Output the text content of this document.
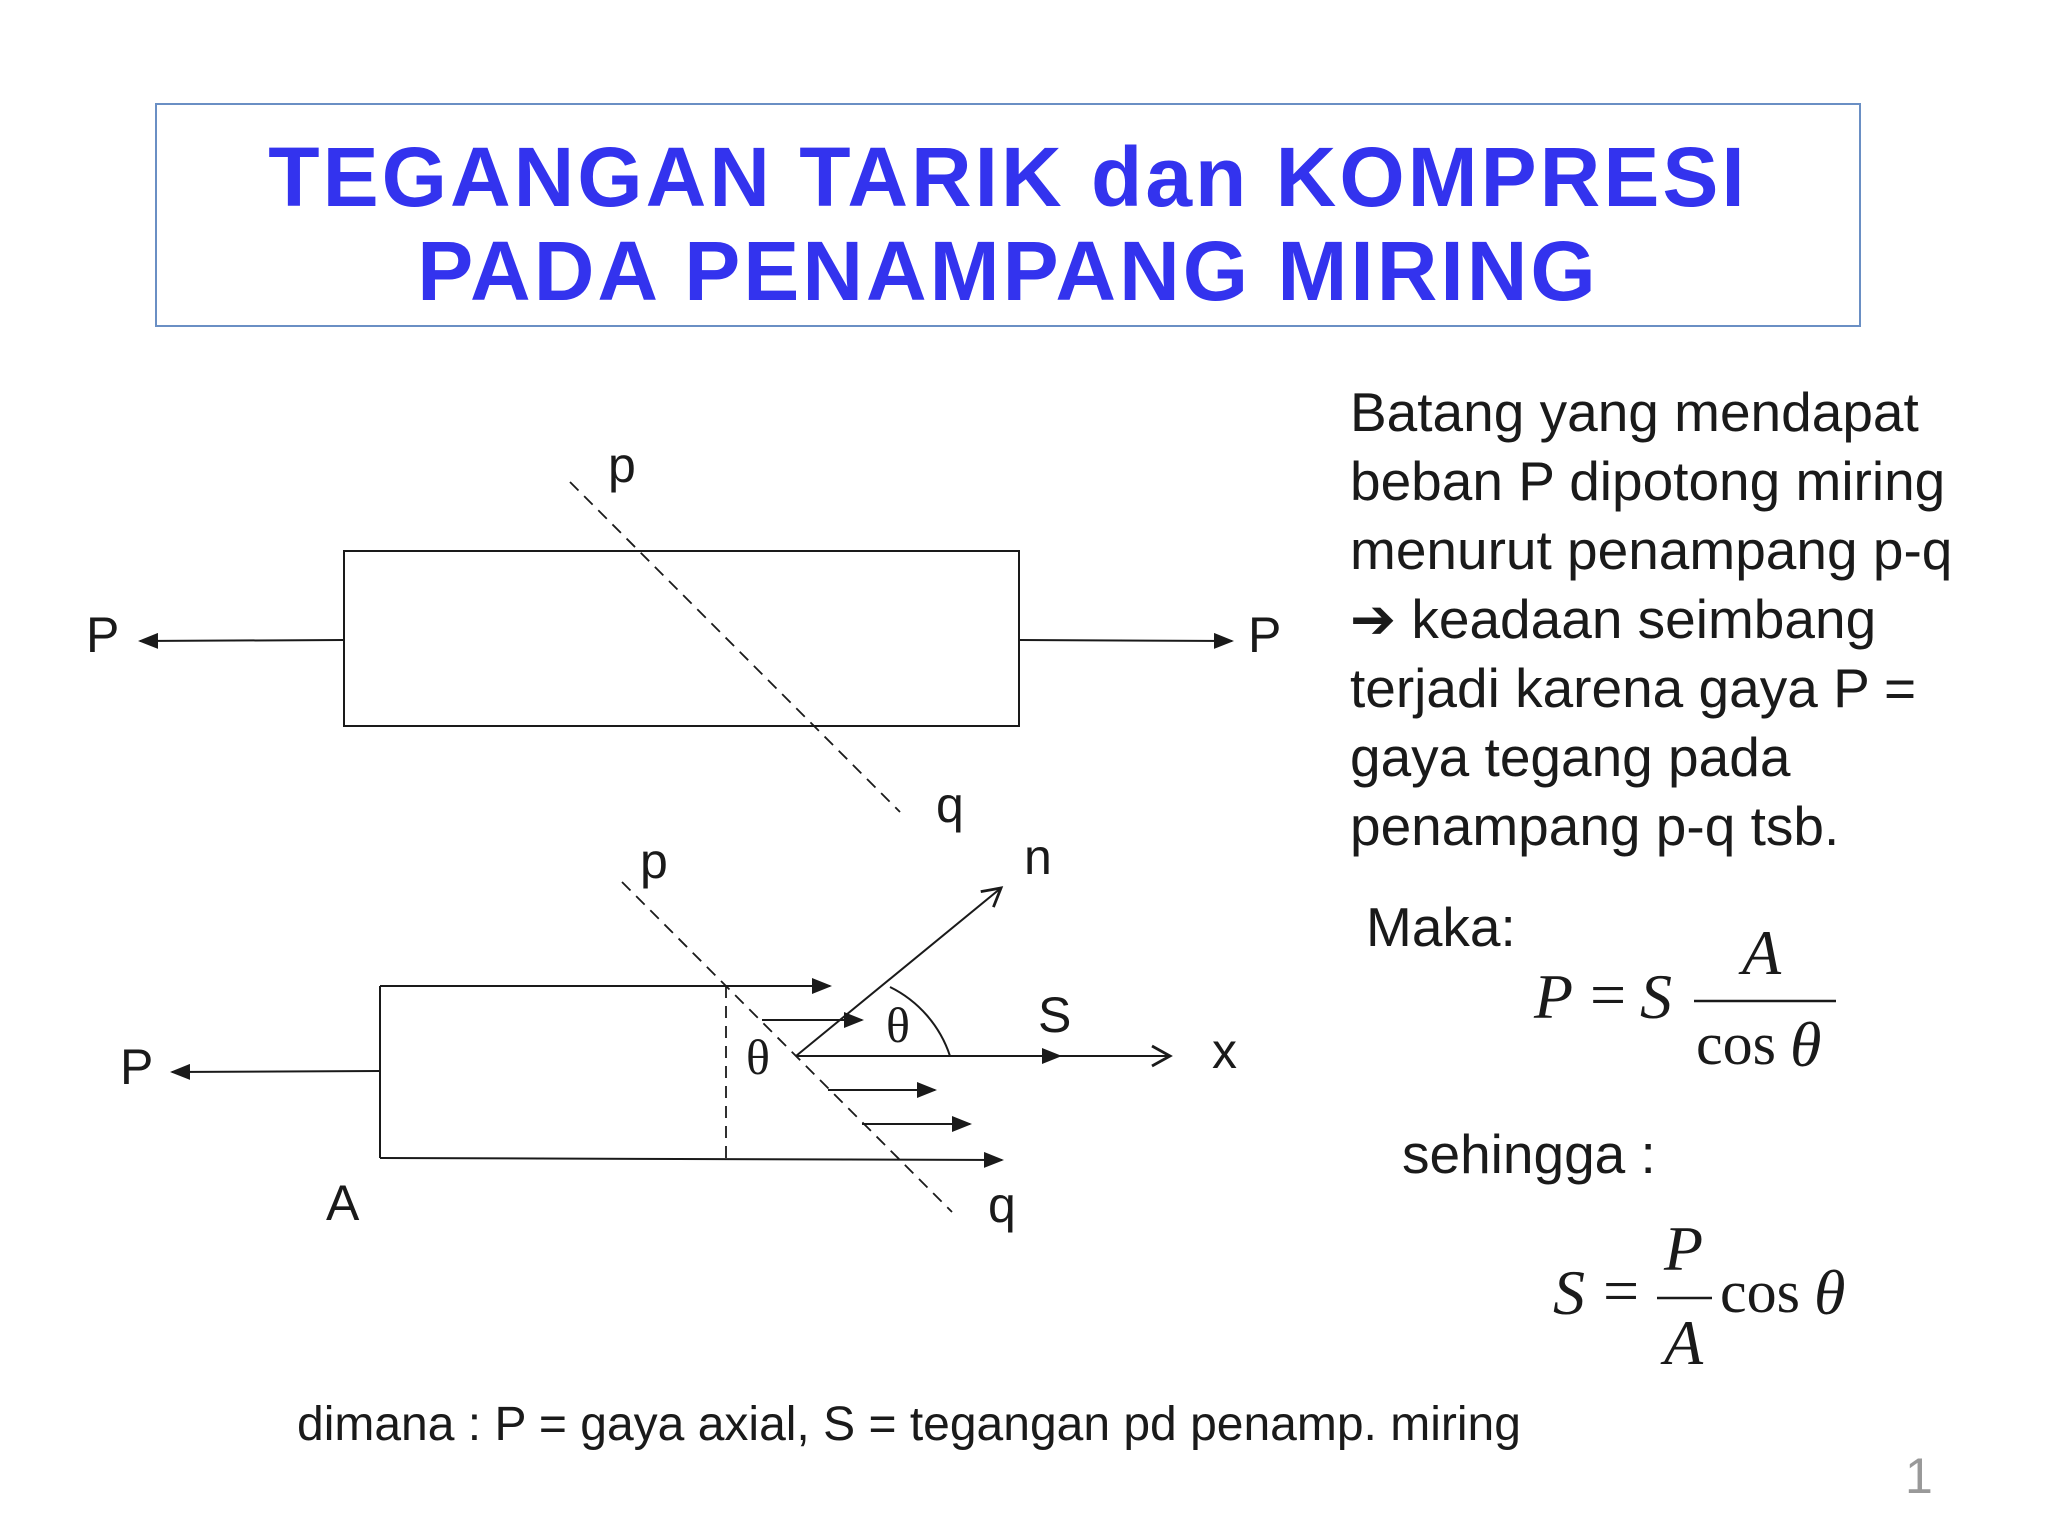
TEGANGAN TARIK dan KOMPRESI
PADA PENAMPANG MIRING
p
q
P	P
p
q
n
S
x
θ
θ
P
A
Batang yang mendapat
beban P dipotong miring
menurut penampang p-q
➔ keadaan seimbang
terjadi karena gaya P =
gaya tegang pada
penampang p-q tsb.
Maka:
P = S
A
cos θ
sehingga :
S =
P
A
cos θ
dimana : P = gaya axial, S = tegangan pd penamp. miring
1
